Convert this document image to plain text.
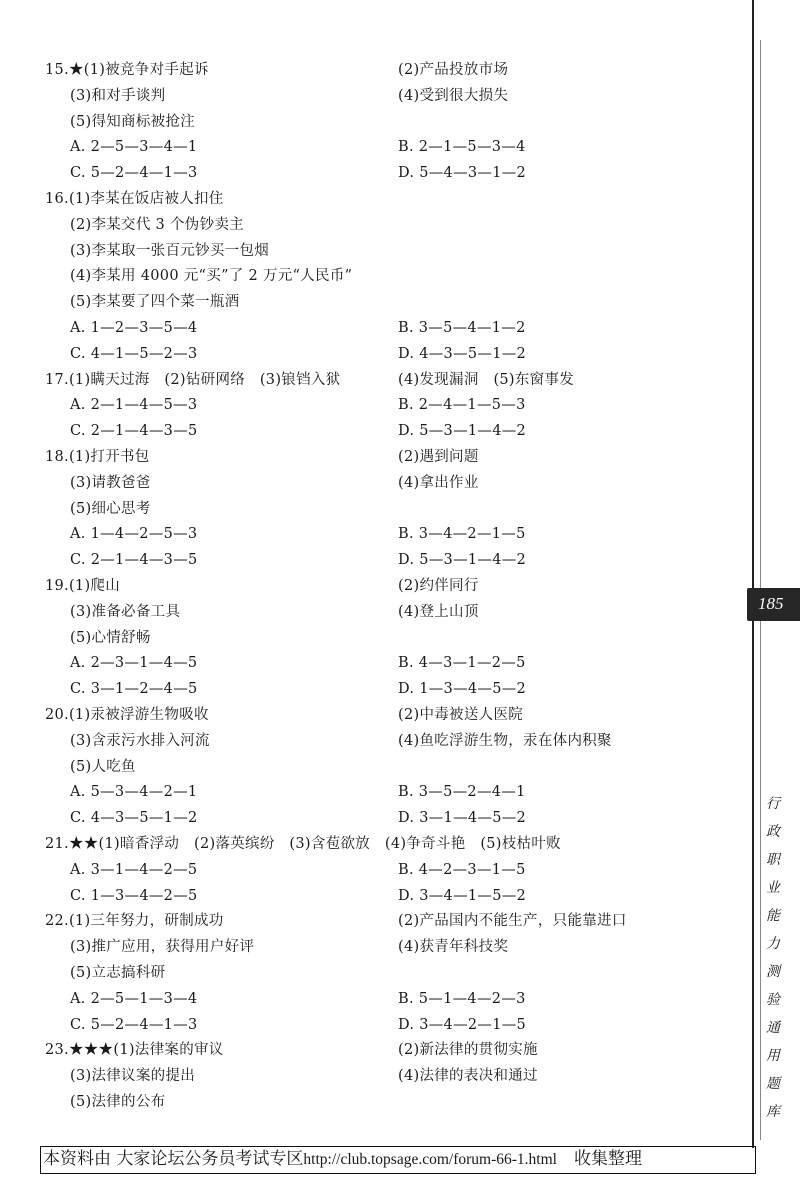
15.★(1)被竞争对手起诉	(2)产品投放市场
(3)和对手谈判	(4)受到很大损失
(5)得知商标被抢注
A. 2—5—3—4—1	B. 2—1—5—3—4
C. 5—2—4—1—3	D. 5—4—3—1—2
16.(1)李某在饭店被人扣住
(2)李某交代 3 个伪钞卖主
(3)李某取一张百元钞买一包烟
(4)李某用 4000 元“买”了 2 万元“人民币”
(5)李某要了四个菜一瓶酒
A. 1—2—3—5—4	B. 3—5—4—1—2
C. 4—1—5—2—3	D. 4—3—5—1—2
17.(1)瞒天过海　(2)钻研网络　(3)锒铛入狱	(4)发现漏洞　(5)东窗事发
A. 2—1—4—5—3	B. 2—4—1—5—3
C. 2—1—4—3—5	D. 5—3—1—4—2
18.(1)打开书包	(2)遇到问题
(3)请教爸爸	(4)拿出作业
(5)细心思考
A. 1—4—2—5—3	B. 3—4—2—1—5
C. 2—1—4—3—5	D. 5—3—1—4—2
19.(1)爬山	(2)约伴同行
(3)准备必备工具	(4)登上山顶
(5)心情舒畅
A. 2—3—1—4—5	B. 4—3—1—2—5
C. 3—1—2—4—5	D. 1—3—4—5—2
20.(1)汞被浮游生物吸收	(2)中毒被送人医院
(3)含汞污水排入河流	(4)鱼吃浮游生物，汞在体内积聚
(5)人吃鱼
A. 5—3—4—2—1	B. 3—5—2—4—1
C. 4—3—5—1—2	D. 3—1—4—5—2
21.★★(1)暗香浮动　(2)落英缤纷　(3)含苞欲放　(4)争奇斗艳　(5)枝枯叶败
A. 3—1—4—2—5	B. 4—2—3—1—5
C. 1—3—4—2—5	D. 3—4—1—5—2
22.(1)三年努力，研制成功	(2)产品国内不能生产，只能靠进口
(3)推广应用，获得用户好评	(4)获青年科技奖
(5)立志搞科研
A. 2—5—1—3—4	B. 5—1—4—2—3
C. 5—2—4—1—3	D. 3—4—2—1—5
23.★★★(1)法律案的审议	(2)新法律的贯彻实施
(3)法律议案的提出	(4)法律的表决和通过
(5)法律的公布
185
行
政
职
业
能
力
测
验
通
用
题
库
本资料由 大家论坛公务员考试专区http://club.topsage.com/forum-66-1.html　 收集整理
